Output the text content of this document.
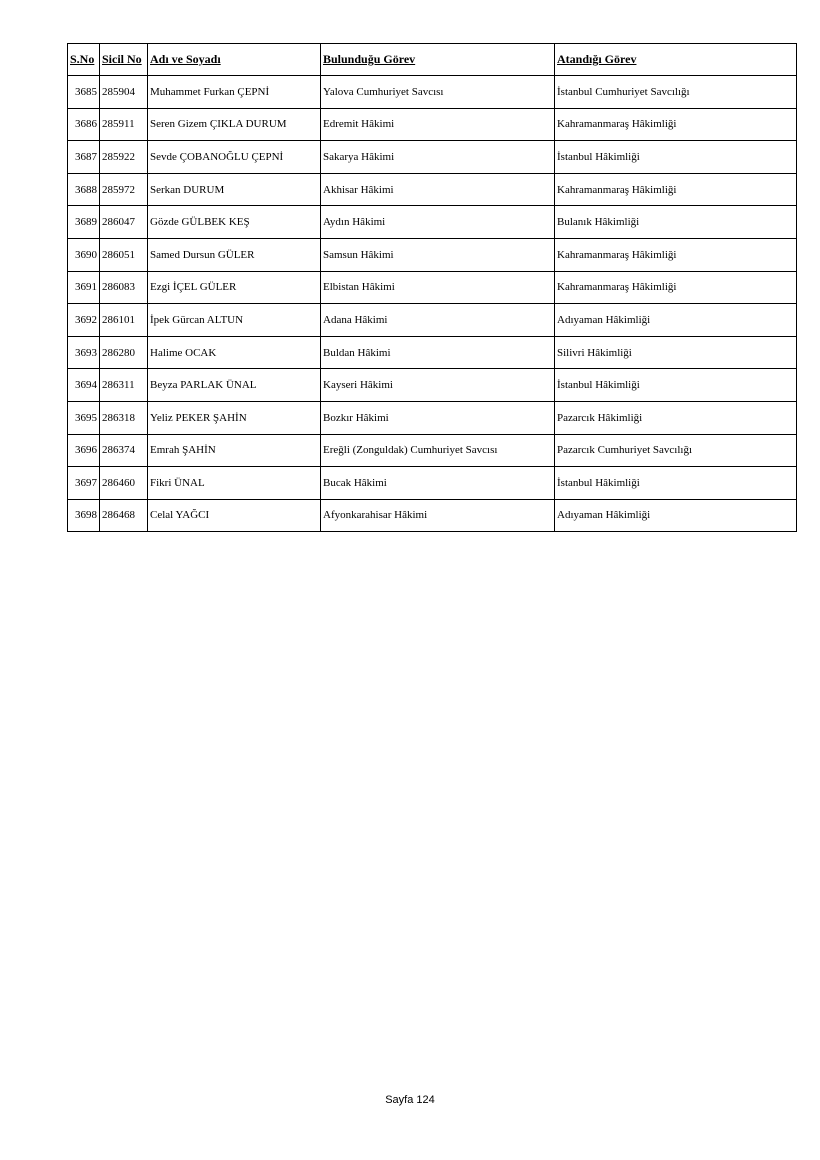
S.No	Sicil No	Adı ve Soyadı	Bulunduğu Görev	Atandığı Görev
3685	285904	Muhammet Furkan ÇEPNİ	Yalova Cumhuriyet Savcısı	İstanbul Cumhuriyet Savcılığı
3686	285911	Seren Gizem ÇIKLA DURUM	Edremit Hâkimi	Kahramanmaraş Hâkimliği
3687	285922	Sevde ÇOBANOĞLU ÇEPNİ	Sakarya Hâkimi	İstanbul Hâkimliği
3688	285972	Serkan DURUM	Akhisar Hâkimi	Kahramanmaraş Hâkimliği
3689	286047	Gözde GÜLBEK KEŞ	Aydın Hâkimi	Bulanık Hâkimliği
3690	286051	Samed Dursun GÜLER	Samsun Hâkimi	Kahramanmaraş Hâkimliği
3691	286083	Ezgi İÇEL GÜLER	Elbistan Hâkimi	Kahramanmaraş Hâkimliği
3692	286101	İpek Gürcan ALTUN	Adana Hâkimi	Adıyaman Hâkimliği
3693	286280	Halime OCAK	Buldan Hâkimi	Silivri Hâkimliği
3694	286311	Beyza PARLAK ÜNAL	Kayseri Hâkimi	İstanbul Hâkimliği
3695	286318	Yeliz PEKER ŞAHİN	Bozkır Hâkimi	Pazarcık Hâkimliği
3696	286374	Emrah ŞAHİN	Ereğli (Zonguldak) Cumhuriyet Savcısı	Pazarcık Cumhuriyet Savcılığı
3697	286460	Fikri ÜNAL	Bucak Hâkimi	İstanbul Hâkimliği
3698	286468	Celal YAĞCI	Afyonkarahisar Hâkimi	Adıyaman Hâkimliği
Sayfa 124
